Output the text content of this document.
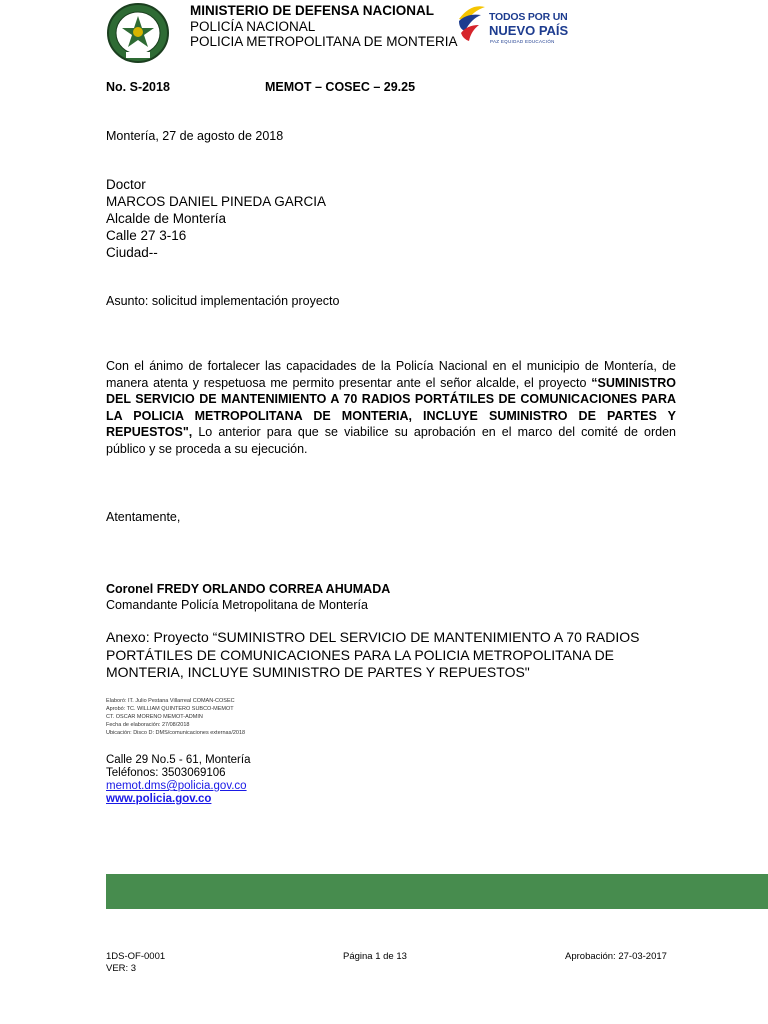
MINISTERIO DE DEFENSA NACIONAL
POLICÍA NACIONAL
POLICIA METROPOLITANA DE MONTERIA
TODOS POR UN
NUEVO PAÍS
PAZ EQUIDAD EDUCACIÓN
No. S-2018	MEMOT – COSEC – 29.25
Montería, 27 de agosto de 2018
Doctor
MARCOS DANIEL PINEDA GARCIA
Alcalde de Montería
Calle 27 3-16
Ciudad--
Asunto: solicitud implementación proyecto
Con el ánimo de fortalecer las capacidades de la Policía Nacional en el municipio de Montería, de manera atenta y respetuosa me permito presentar ante el señor alcalde, el proyecto “SUMINISTRO DEL SERVICIO DE MANTENIMIENTO A 70 RADIOS PORTÁTILES DE COMUNICACIONES PARA LA POLICIA METROPOLITANA DE MONTERIA, INCLUYE SUMINISTRO DE PARTES Y REPUESTOS", Lo anterior para que se viabilice su aprobación en el marco del comité de orden público y se proceda a su ejecución.
Atentamente,
Coronel FREDY ORLANDO CORREA AHUMADA
Comandante Policía Metropolitana de Montería
Anexo: Proyecto “SUMINISTRO DEL SERVICIO DE MANTENIMIENTO A 70 RADIOS PORTÁTILES DE COMUNICACIONES PARA LA POLICIA METROPOLITANA DE MONTERIA, INCLUYE SUMINISTRO DE PARTES Y REPUESTOS"
Elaboró: IT. Julio Pestana Villarreal COMAN-COSEC
Aprobó: TC. WILLIAM QUINTERO SUBCO-MEMOT
CT. OSCAR MORENO MEMOT-ADMIN
Fecha de elaboración: 27/08/2018
Ubicación: Disco D: DMS/comunicaciones externas/2018
Calle 29 No.5 - 61, Montería
Teléfonos: 3503069106
memot.dms@policia.gov.co
www.policia.gov.co
1DS-OF-0001
VER: 3
Página 1 de 13	Aprobación: 27-03-2017
